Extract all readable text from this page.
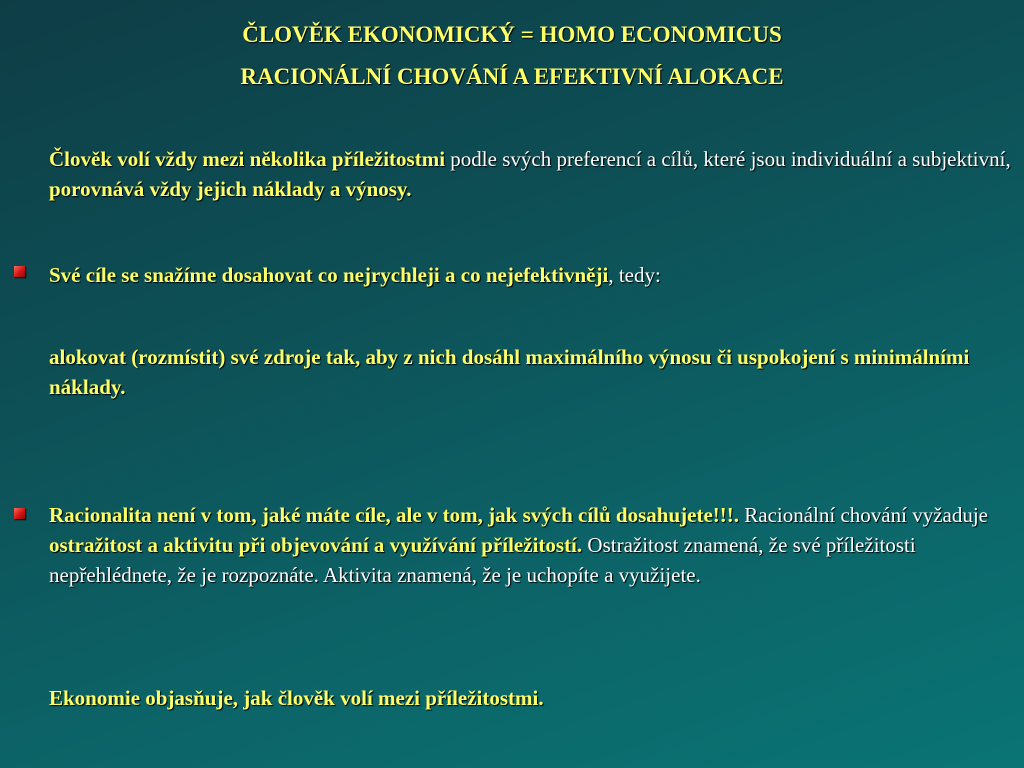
ČLOVĚK EKONOMICKÝ = HOMO ECONOMICUS
RACIONÁLNÍ CHOVÁNÍ A EFEKTIVNÍ ALOKACE
Člověk volí vždy mezi několika příležitostmi podle svých preferencí a cílů, které jsou individuální a subjektivní, porovnává vždy jejich náklady a výnosy.
Své cíle se snažíme dosahovat co nejrychleji a co nejefektivněji, tedy:
alokovat (rozmístit) své zdroje tak, aby z nich dosáhl maximálního výnosu či uspokojení s minimálními náklady.
Racionalita není v tom, jaké máte cíle, ale v tom, jak svých cílů dosahujete!!!. Racionální chování vyžaduje ostražitost a aktivitu při objevování a využívání příležitostí. Ostražitost znamená, že své příležitosti nepřehlédnete, že je rozpoznáte. Aktivita znamená, že je uchopíte a využijete.
Ekonomie objasňuje, jak člověk volí mezi příležitostmi.
